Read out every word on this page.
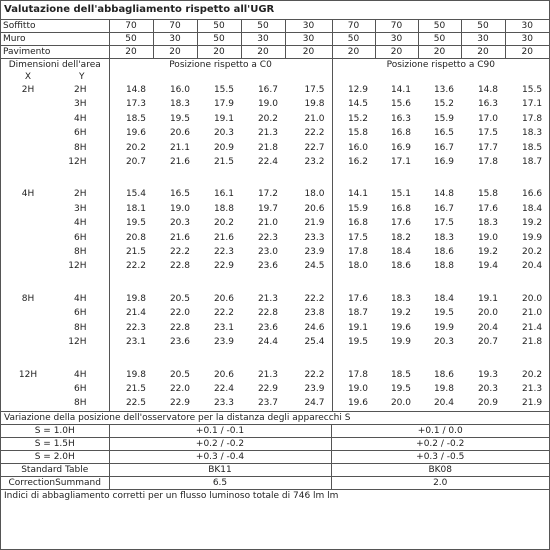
Valutazione dell'abbagliamento rispetto all'UGR
Soffitto	70	70	50	50	30	70	70	50	50	30
Muro	50	30	50	30	30	50	30	50	30	30
Pavimento	20	20	20	20	20	20	20	20	20	20
Dimensioni dell'area		Posizione rispetto a C0					Posizione rispetto a C90				
X	Y										
2H	2H	14.8	16.0	15.5	16.7	17.5	12.9	14.1	13.6	14.8	15.5
	3H	17.3	18.3	17.9	19.0	19.8	14.5	15.6	15.2	16.3	17.1
	4H	18.5	19.5	19.1	20.2	21.0	15.2	16.3	15.9	17.0	17.8
	6H	19.6	20.6	20.3	21.3	22.2	15.8	16.8	16.5	17.5	18.3
	8H	20.2	21.1	20.9	21.8	22.7	16.0	16.9	16.7	17.7	18.5
	12H	20.7	21.6	21.5	22.4	23.2	16.2	17.1	16.9	17.8	18.7

4H	2H	15.4	16.5	16.1	17.2	18.0	14.1	15.1	14.8	15.8	16.6
	3H	18.1	19.0	18.8	19.7	20.6	15.9	16.8	16.7	17.6	18.4
	4H	19.5	20.3	20.2	21.0	21.9	16.8	17.6	17.5	18.3	19.2
	6H	20.8	21.6	21.6	22.3	23.3	17.5	18.2	18.3	19.0	19.9
	8H	21.5	22.2	22.3	23.0	23.9	17.8	18.4	18.6	19.2	20.2
	12H	22.2	22.8	22.9	23.6	24.5	18.0	18.6	18.8	19.4	20.4

8H	4H	19.8	20.5	20.6	21.3	22.2	17.6	18.3	18.4	19.1	20.0
	6H	21.4	22.0	22.2	22.8	23.8	18.7	19.2	19.5	20.0	21.0
	8H	22.3	22.8	23.1	23.6	24.6	19.1	19.6	19.9	20.4	21.4
	12H	23.1	23.6	23.9	24.4	25.4	19.5	19.9	20.3	20.7	21.8

12H	4H	19.8	20.5	20.6	21.3	22.2	17.8	18.5	18.6	19.3	20.2
	6H	21.5	22.0	22.4	22.9	23.9	19.0	19.5	19.8	20.3	21.3
	8H	22.5	22.9	23.3	23.7	24.7	19.6	20.0	20.4	20.9	21.9
Variazione della posizione dell'osservatore per la distanza degli apparecchi S
S = 1.0H	+0.1 / -0.1	+0.1 / 0.0
S = 1.5H	+0.2 / -0.2	+0.2 / -0.2
S = 2.0H	+0.3 / -0.4	+0.3 / -0.5
Standard Table	BK11	BK08
CorrectionSummand	6.5	2.0
Indici di abbagliamento corretti per un flusso luminoso totale di 746 lm lm
